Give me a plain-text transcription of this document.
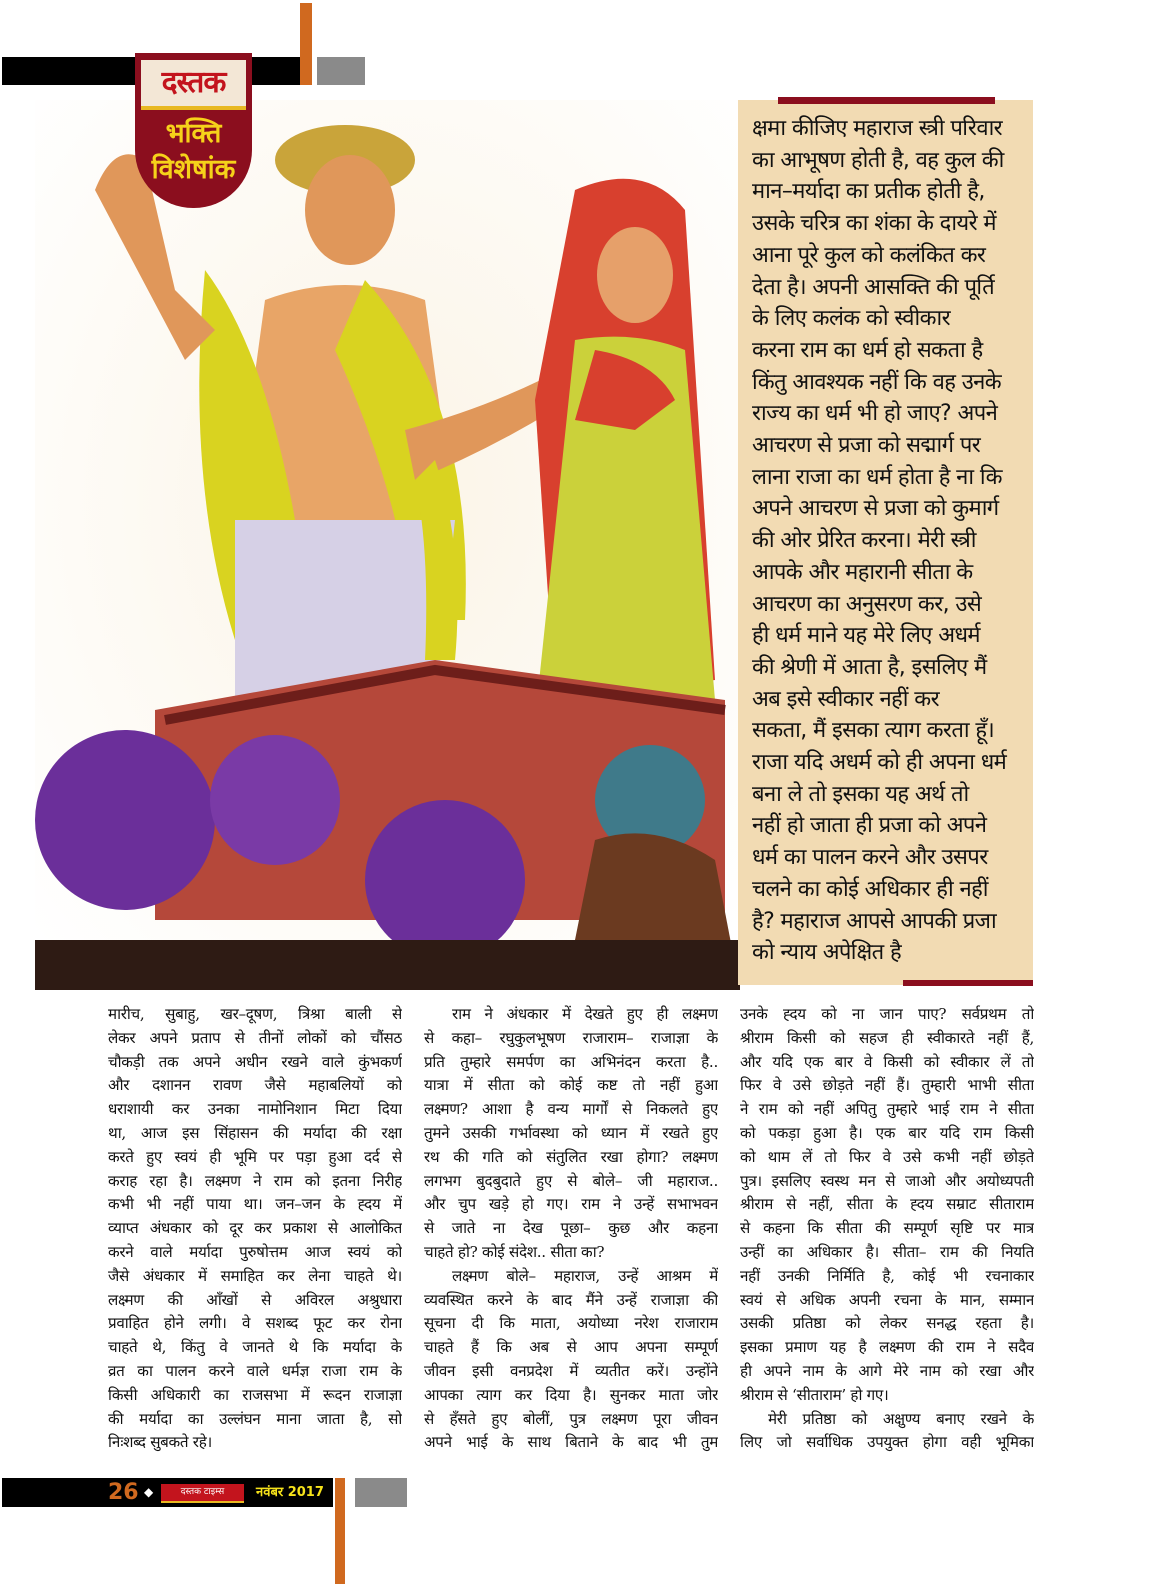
दस्तक
भक्ति
विशेषांक
क्षमा कीजिए महाराज स्त्री परिवार
का आभूषण होती है, वह कुल की
मान–मर्यादा का प्रतीक होती है,
उसके चरित्र का शंका के दायरे में
आना पूरे कुल को कलंकित कर
देता है। अपनी आसक्ति की पूर्ति
के लिए कलंक को स्वीकार
करना राम का धर्म हो सकता है
किंतु आवश्यक नहीं कि वह उनके
राज्य का धर्म भी हो जाए? अपने
आचरण से प्रजा को सद्मार्ग पर
लाना राजा का धर्म होता है ना कि
अपने आचरण से प्रजा को कुमार्ग
की ओर प्रेरित करना। मेरी स्त्री
आपके और महारानी सीता के
आचरण का अनुसरण कर, उसे
ही धर्म माने यह मेरे लिए अधर्म
की श्रेणी में आता है, इसलिए मैं
अब इसे स्वीकार नहीं कर
सकता, मैं इसका त्याग करता हूँ।
राजा यदि अधर्म को ही अपना धर्म
बना ले तो इसका यह अर्थ तो
नहीं हो जाता ही प्रजा को अपने
धर्म का पालन करने और उसपर
चलने का कोई अधिकार ही नहीं
है? महाराज आपसे आपकी प्रजा
को न्याय अपेक्षित है
मारीच, सुबाहु, खर–दूषण, त्रिश्रा बाली से
लेकर अपने प्रताप से तीनों लोकों को चौंसठ
चौकड़ी तक अपने अधीन रखने वाले कुंभकर्ण
और दशानन रावण जैसे महाबलियों को
धराशायी कर उनका नामोनिशान मिटा दिया
था, आज इस सिंहासन की मर्यादा की रक्षा
करते हुए स्वयं ही भूमि पर पड़ा हुआ दर्द से
कराह रहा है। लक्ष्मण ने राम को इतना निरीह
कभी भी नहीं पाया था। जन–जन के ह्दय में
व्याप्त अंधकार को दूर कर प्रकाश से आलोकित
करने वाले मर्यादा पुरुषोत्तम आज स्वयं को
जैसे अंधकार में समाहित कर लेना चाहते थे।
लक्ष्मण की आँखों से अविरल अश्रुधारा
प्रवाहित होने लगी। वे सशब्द फूट कर रोना
चाहते थे, किंतु वे जानते थे कि मर्यादा के
व्रत का पालन करने वाले धर्मज्ञ राजा राम के
किसी अधिकारी का राजसभा में रूदन राजाज्ञा
की मर्यादा का उल्लंघन माना जाता है, सो
निःशब्द सुबकते रहे।
राम ने अंधकार में देखते हुए ही लक्ष्मण
से कहा– रघुकुलभूषण राजाराम– राजाज्ञा के
प्रति तुम्हारे समर्पण का अभिनंदन करता है..
यात्रा में सीता को कोई कष्ट तो नहीं हुआ
लक्ष्मण? आशा है वन्य मार्गों से निकलते हुए
तुमने उसकी गर्भावस्था को ध्यान में रखते हुए
रथ की गति को संतुलित रखा होगा? लक्ष्मण
लगभग बुदबुदाते हुए से बोले– जी महाराज..
और चुप खड़े हो गए। राम ने उन्हें सभाभवन
से जाते ना देख पूछा– कुछ और कहना
चाहते हो? कोई संदेश.. सीता का?
लक्ष्मण बोले– महाराज, उन्हें आश्रम में
व्यवस्थित करने के बाद मैंने उन्हें राजाज्ञा की
सूचना दी कि माता, अयोध्या नरेश राजाराम
चाहते हैं कि अब से आप अपना सम्पूर्ण
जीवन इसी वनप्रदेश में व्यतीत करें। उन्होंने
आपका त्याग कर दिया है। सुनकर माता जोर
से हँसते हुए बोलीं, पुत्र लक्ष्मण पूरा जीवन
अपने भाई के साथ बिताने के बाद भी तुम
उनके ह्दय को ना जान पाए? सर्वप्रथम तो
श्रीराम किसी को सहज ही स्वीकारते नहीं हैं,
और यदि एक बार वे किसी को स्वीकार लें तो
फिर वे उसे छोड़ते नहीं हैं। तुम्हारी भाभी सीता
ने राम को नहीं अपितु तुम्हारे भाई राम ने सीता
को पकड़ा हुआ है। एक बार यदि राम किसी
को थाम लें तो फिर वे उसे कभी नहीं छोड़ते
पुत्र। इसलिए स्वस्थ मन से जाओ और अयोध्यपती
श्रीराम से नहीं, सीता के ह्दय सम्राट सीताराम
से कहना कि सीता की सम्पूर्ण सृष्टि पर मात्र
उन्हीं का अधिकार है। सीता– राम की नियति
नहीं उनकी निर्मिति है, कोई भी रचनाकार
स्वयं से अधिक अपनी रचना के मान, सम्मान
उसकी प्रतिष्ठा को लेकर सनद्ध रहता है।
इसका प्रमाण यह है लक्ष्मण की राम ने सदैव
ही अपने नाम के आगे मेरे नाम को रखा और
श्रीराम से ‘सीताराम’ हो गए।
मेरी प्रतिष्ठा को अक्षुण्य बनाए रखने के
लिए जो सर्वाधिक उपयुक्त होगा वही भूमिका
26 ◆	दस्तक टाइम्स	नवंबर 2017
